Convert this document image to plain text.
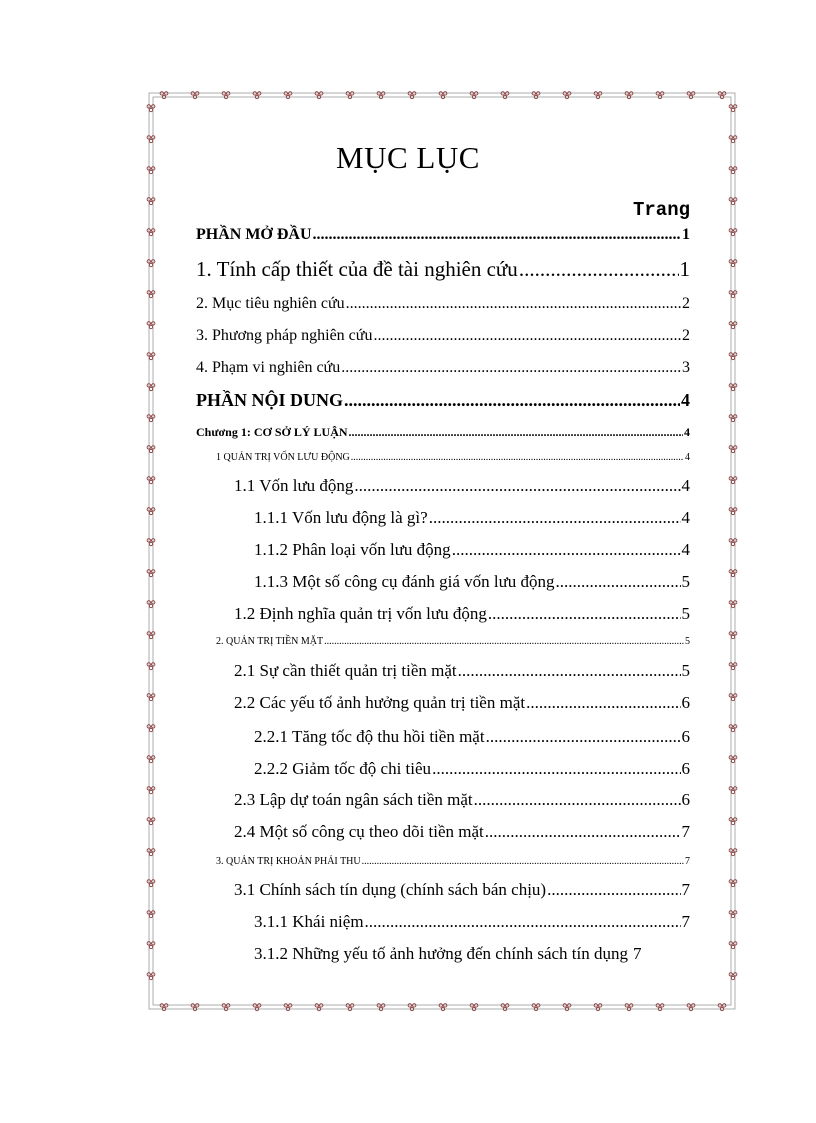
MỤC LỤC
Trang
PHẦN MỞ ĐẦU .....	1
1. Tính cấp thiết của đề tài nghiên cứu .....	1
2. Mục tiêu nghiên cứu .....	2
3. Phương pháp nghiên cứu .....	2
4. Phạm vi nghiên cứu .....	3
PHẦN NỘI DUNG .....	4
Chương 1: CƠ SỞ LÝ LUẬN .....	4
1 QUẢN TRỊ VỐN LƯU ĐỘNG .....	4
1.1 Vốn lưu động .....	4
1.1.1 Vốn lưu động là gì? .....	4
1.1.2 Phân loại vốn lưu động .....	4
1.1.3 Một số công cụ đánh giá vốn lưu động .....	5
1.2 Định nghĩa quản trị vốn lưu động .....	5
2. QUẢN TRỊ TIỀN MẶT .....	5
2.1 Sự cần thiết quản trị tiền mặt .....	5
2.2 Các yếu tố ảnh hưởng quản trị tiền mặt .....	6
2.2.1 Tăng tốc độ thu hồi tiền mặt .....	6
2.2.2 Giảm tốc độ chi tiêu .....	6
2.3 Lập dự toán ngân sách tiền mặt .....	6
2.4 Một số công cụ theo dõi tiền mặt .....	7
3. QUẢN TRỊ KHOẢN PHẢI THU .....	7
3.1 Chính sách tín dụng (chính sách bán chịu) .....	7
3.1.1 Khái niệm .....	7
3.1.2 Những yếu tố ảnh hưởng đến chính sách tín dụng 7
